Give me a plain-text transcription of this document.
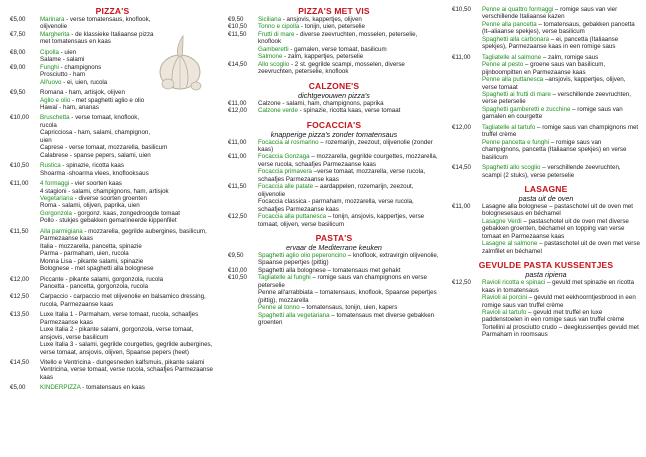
PIZZA'S
€5,00 Marinara - verse tomatensaus, knoflook, olijvenolie
€7,50 Margherita - de klassieke Italiaanse pizza met tomatensaus en kaas
€8,00 Cipolla - uien
Salame - salami
€9,00 Funghi - champignons
Prosciutto - ham
All'uovo - ei, uien, rucola
€9,50 Romana - ham, artisjok, olijven
Aglio e olio - met spaghetti aglio e olio
Hawaï - ham, ananas
€10,00 Bruschetta - verse tomaat, knoflook, rucola
Capricciosa - ham, salami, champignon, uien
Caprese - verse tomaat, mozzarella, basilicum
Calabrese - spanse pepers, salami, uien
€10,50 Rustica - spinazie, ricotta kaas
Shoarma -shoarma vlees, knoflooksaus
€11,00 4 formaggi - vier soorten kaas
4 stagioni - salami, champignons, ham, artisjok
Vegetariana - diverse soorten groenten
Roma - salami, olijven, paprika, uien
Gorgonzola - gorgonz. kaas, zongedroogde tomaat
Pollo - stukjes gebakken gemarineerde kippenfilet
€11,50 Alla parmigiana - mozzarella, gegrilde aubergines, basilicum, Parmezaanse kaas
Italia - mozzarella, pancetta, spinazie
Parma - parmaham, uien, rucola
Monna Lisa - pikante salami, spinazie
Bolognese - met spaghetti alla bolognese
€12,00 Piccante - pikante salami, gorgonzola, rucola
Pancetta - pancetta, gorgonzola, rucola
€12,50 Carpaccio - carpaccio met olijvenolie en balsamico dressing, rucola, Parmezaanse kaas
€13,50 Luxe Italia 1 - Parmaham, verse tomaat, rucola, schaafjes Parmezaanse kaas
Luxe Italia 2 - pikante salami, gorgonzola, verse tomaat, ansjovis, verse basilicum
Luxe Italia 3 - salami, gegrilde courgettes, gegrilde aubergines, verse tomaat, ansjovis, olijven, Spaanse pepers (heet)
€14,50 Vitello e Ventricina - dungesneden kalfsmuis, pikante salami Ventricina, verse tomaat, verse rucola, schaafjes Parmezaanse kaas
€5,00 KINDERPIZZA - tomatensaus en kaas
PIZZA'S MET VIS
€9,50 Siciliana - ansjovis, kappertjes, olijven
€10,50 Tonno e cipolla - tonijn, uien, peterselie
€11,50 Frutti di mare - diverse zeevruchten, mosselen, peterselie, knoflook
Gamberetti - garnalen, verse tomaat, basilicum
Salmone - zalm, kappertjes, peterselie
€14,50 Allo scoglio - 2 st. gegrilde scampi, mosselen, diverse zeevruchten, peterselie, knoflook
CALZONE'S
dichtgevouwen pizza's
€11,00 Calzone - salami, ham, champignons, paprika
€12,00 Calzone verde - spinazie, ricotta kaas, verse tomaat
FOCACCIA'S
knapperige pizza's zonder tomatensaus
€11,00 Focaccia al rosmarino – rozemarijn, zeezout, olijvenolie (zonder kaas)
€11,00 Focaccia Gonzaga – mozzarella, gegrilde courgettes, mozzarella, verse rucola, schaafjes Parmezaanse kaas
Focaccia primavera –verse tomaat, mozzarella, verse rucola, schaafjes Parmezaanse kaas
€11,50 Focaccia alle patate – aardappelen, rozemarijn, zeezout, olijvenolie
Focaccia classica - parmaham, mozzarella, verse rucola, schaafjes Parmezaanse kaas
€12,50 Focaccia alla puttanesca – tonijn, ansjovis, kappertjes, verse tomaat, olijven, verse basilicum
PASTA'S
ervaar de Mediterrane keuken
€9,50 Spaghetti aglio olio peperoncino – knoflook, extravirgin olijvenolie, Spaanse pepertjes (pittig)
€10,00 Spaghetti alla bolognese – tomatensaus met gehakt
€10,50 Tagliatelle ai funghi – romige saus van champignons en verse peterselie
Penne all'arrabbiata – tomatensaus, knoflook, Spaanse pepertjes (pittig), mozzarella
Penne al tonno – tomatensaus, tonijn, uien, kapers
Spaghetti alla vegetariana – tomatensaus met diverse gebakken groenten
€10,50 Penne ai quattro formaggi – romige saus van vier verschillende Italiaanse kazen
Penne alla pancetta – tomatensaus, gebakken pancetta (It–aliaanse spekjes), verse basilicum
Spaghetti alla carbonara – ei, pancetta (Italiaanse spekjes), Parmezaanse kaas in een romige saus
€11,00 Tagliatelle al salmone – zalm, romige saus
Penne al pesto – groene saus van basilicum, pijnboompitten en Parmezaanse kaas
Penne alla puttanesca –ansjovis, kappertjes, olijven, verse tomaat
Spaghetti ai frutti di mare – verschillende zeevruchten, verse peterselie
Spaghetti gamberetti e zucchine – romige saus van garnalen en courgette
€12,00 Tagliatelle al tartufo – romige saus van champignons met truffel crème
Penne pancetta e funghi – romige saus van champignons, pancetta (Italiaanse spekjes) en verse basilicum
€14,50 Spaghetti allo scoglio – verschillende zeevruchten, scampi (2 stuks), verse peterselie
LASAGNE
pasta uit de oven
€11,00 Lasagne alla bolognese – pastaschotel uit de oven met bolognesesaus en béchamel
Lasagne Verdi – pastaschotel uit de oven met diverse gebakken groenten, béchamel en topping van verse tomaat en Parmezaanse kaas
Lasagne al salmone – pastaschotel uit de oven met verse zalmfilet en béchamel
GEVULDE PASTA KUSSENTJES
pasta ripiena
€12,50 Ravioli ricotta e spinaci – gevuld met spinazie en ricotta kaas in tomatensaus
Ravioli ai porcini – gevuld met eekhoorntjesbrood in een romige saus van truffel crème
Ravioli al tartufo – gevuld met truffel en luxe paddenstoelen in een romige saus van truffel crème
Tortellini al prosciutto crudo – deegkussentjes gevuld met Parmaham in roomsaus
